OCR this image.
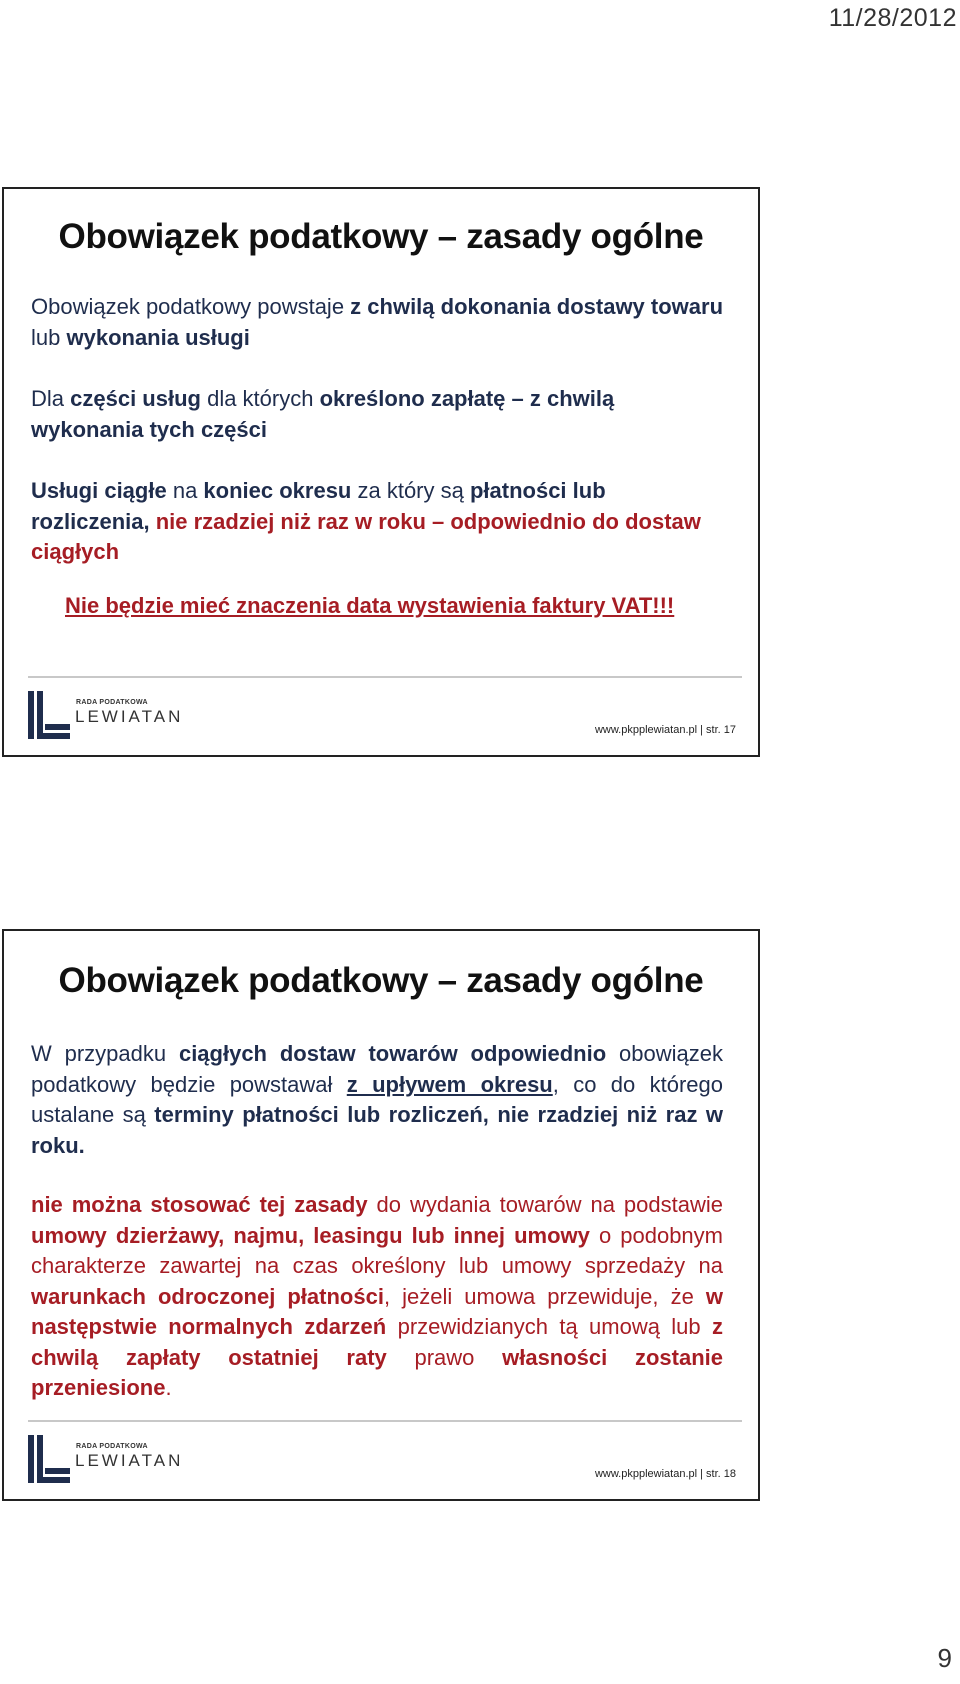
11/28/2012
Obowiązek podatkowy – zasady ogólne

Obowiązek podatkowy powstaje z chwilą dokonania dostawy towaru lub wykonania usługi

Dla części usług dla których określono zapłatę – z chwilą wykonania tych części

Usługi ciągłe na koniec okresu za który są płatności lub rozliczenia, nie rzadziej niż raz w roku – odpowiednio do dostaw ciągłych

Nie będzie mieć znaczenia data wystawienia faktury VAT!!!
RADA PODATKOWA
LEWIATAN
www.pkpplewiatan.pl | str. 17
Obowiązek podatkowy – zasady ogólne

W przypadku ciągłych dostaw towarów odpowiednio obowiązek podatkowy będzie powstawał z upływem okresu, co do którego ustalane są terminy płatności lub rozliczeń, nie rzadziej niż raz w roku.

nie można stosować tej zasady do wydania towarów na podstawie umowy dzierżawy, najmu, leasingu lub innej umowy o podobnym charakterze zawartej na czas określony lub umowy sprzedaży na warunkach odroczonej płatności, jeżeli umowa przewiduje, że w następstwie normalnych zdarzeń przewidzianych tą umową lub z chwilą zapłaty ostatniej raty prawo własności zostanie przeniesione.

RADA PODATKOWA
LEWIATAN
www.pkpplewiatan.pl | str. 18
9
